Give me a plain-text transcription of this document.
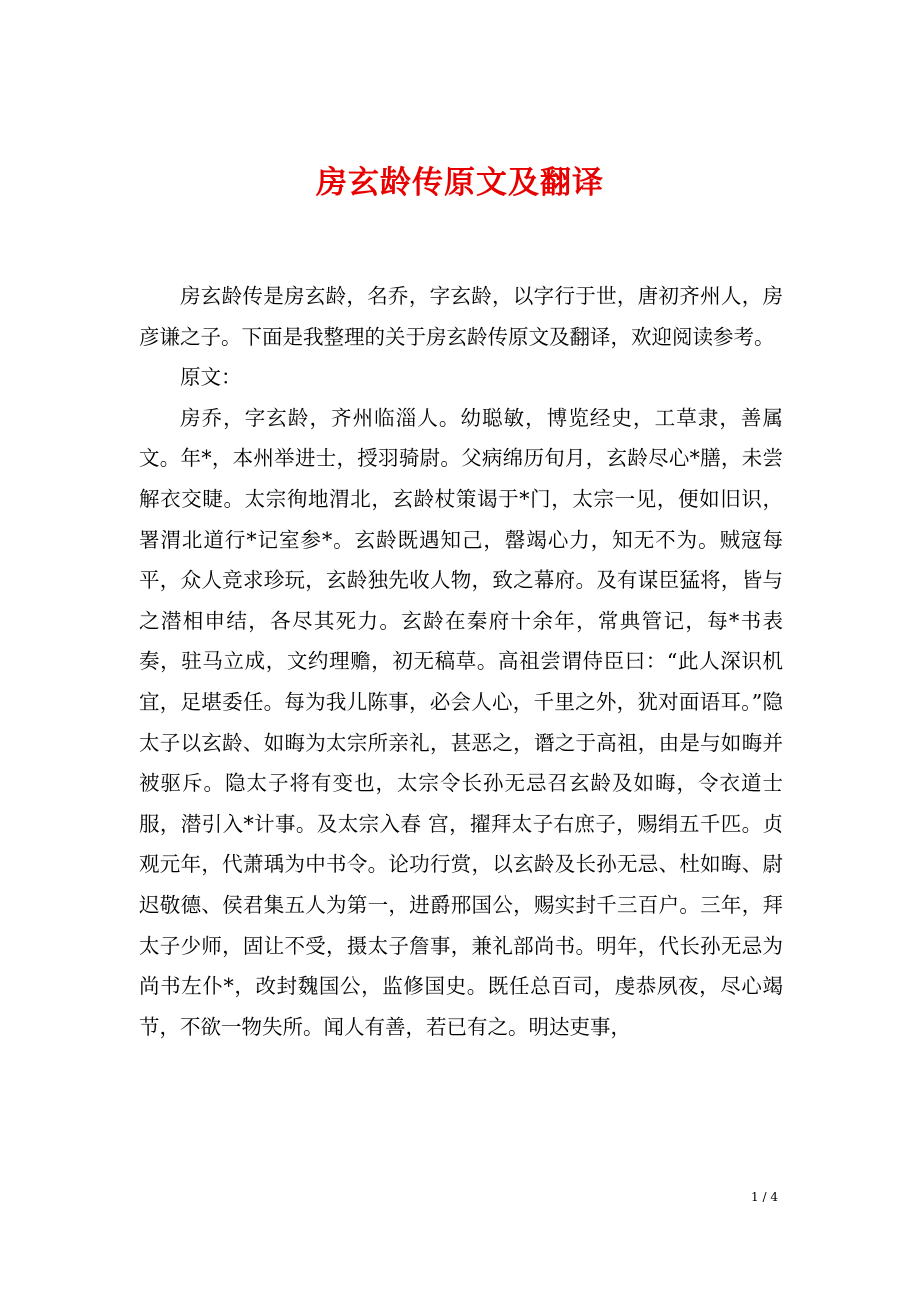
房玄龄传原文及翻译

房玄龄传是房玄龄，名乔，字玄龄，以字行于世，唐初齐州人，房彦谦之子。下面是我整理的关于房玄龄传原文及翻译，欢迎阅读参考。

原文：

房乔，字玄龄，齐州临淄人。幼聪敏，博览经史，工草隶，善属文。年*，本州举进士，授羽骑尉。父病绵历旬月，玄龄尽心*膳，未尝解衣交睫。太宗徇地渭北，玄龄杖策谒于*门，太宗一见，便如旧识，署渭北道行*记室参*。玄龄既遇知己，罄竭心力，知无不为。贼寇每平，众人竞求珍玩，玄龄独先收人物，致之幕府。及有谋臣猛将，皆与之潜相申结，各尽其死力。玄龄在秦府十余年，常典管记，每*书表奏，驻马立成，文约理赡，初无稿草。高祖尝谓侍臣曰：“此人深识机宜，足堪委任。每为我儿陈事，必会人心，千里之外，犹对面语耳。”隐太子以玄龄、如晦为太宗所亲礼，甚恶之，谮之于高祖，由是与如晦并被驱斥。隐太子将有变也，太宗令长孙无忌召玄龄及如晦，令衣道士服，潜引入*计事。及太宗入春 宫，擢拜太子右庶子，赐绢五千匹。贞观元年，代萧瑀为中书令。论功行赏，以玄龄及长孙无忌、杜如晦、尉迟敬德、侯君集五人为第一，进爵邢国公，赐实封千三百户。三年，拜太子少师，固让不受，摄太子詹事，兼礼部尚书。明年，代长孙无忌为尚书左仆*，改封魏国公，监修国史。既任总百司，虔恭夙夜，尽心竭节，不欲一物失所。闻人有善，若已有之。明达吏事，

1 / 4
